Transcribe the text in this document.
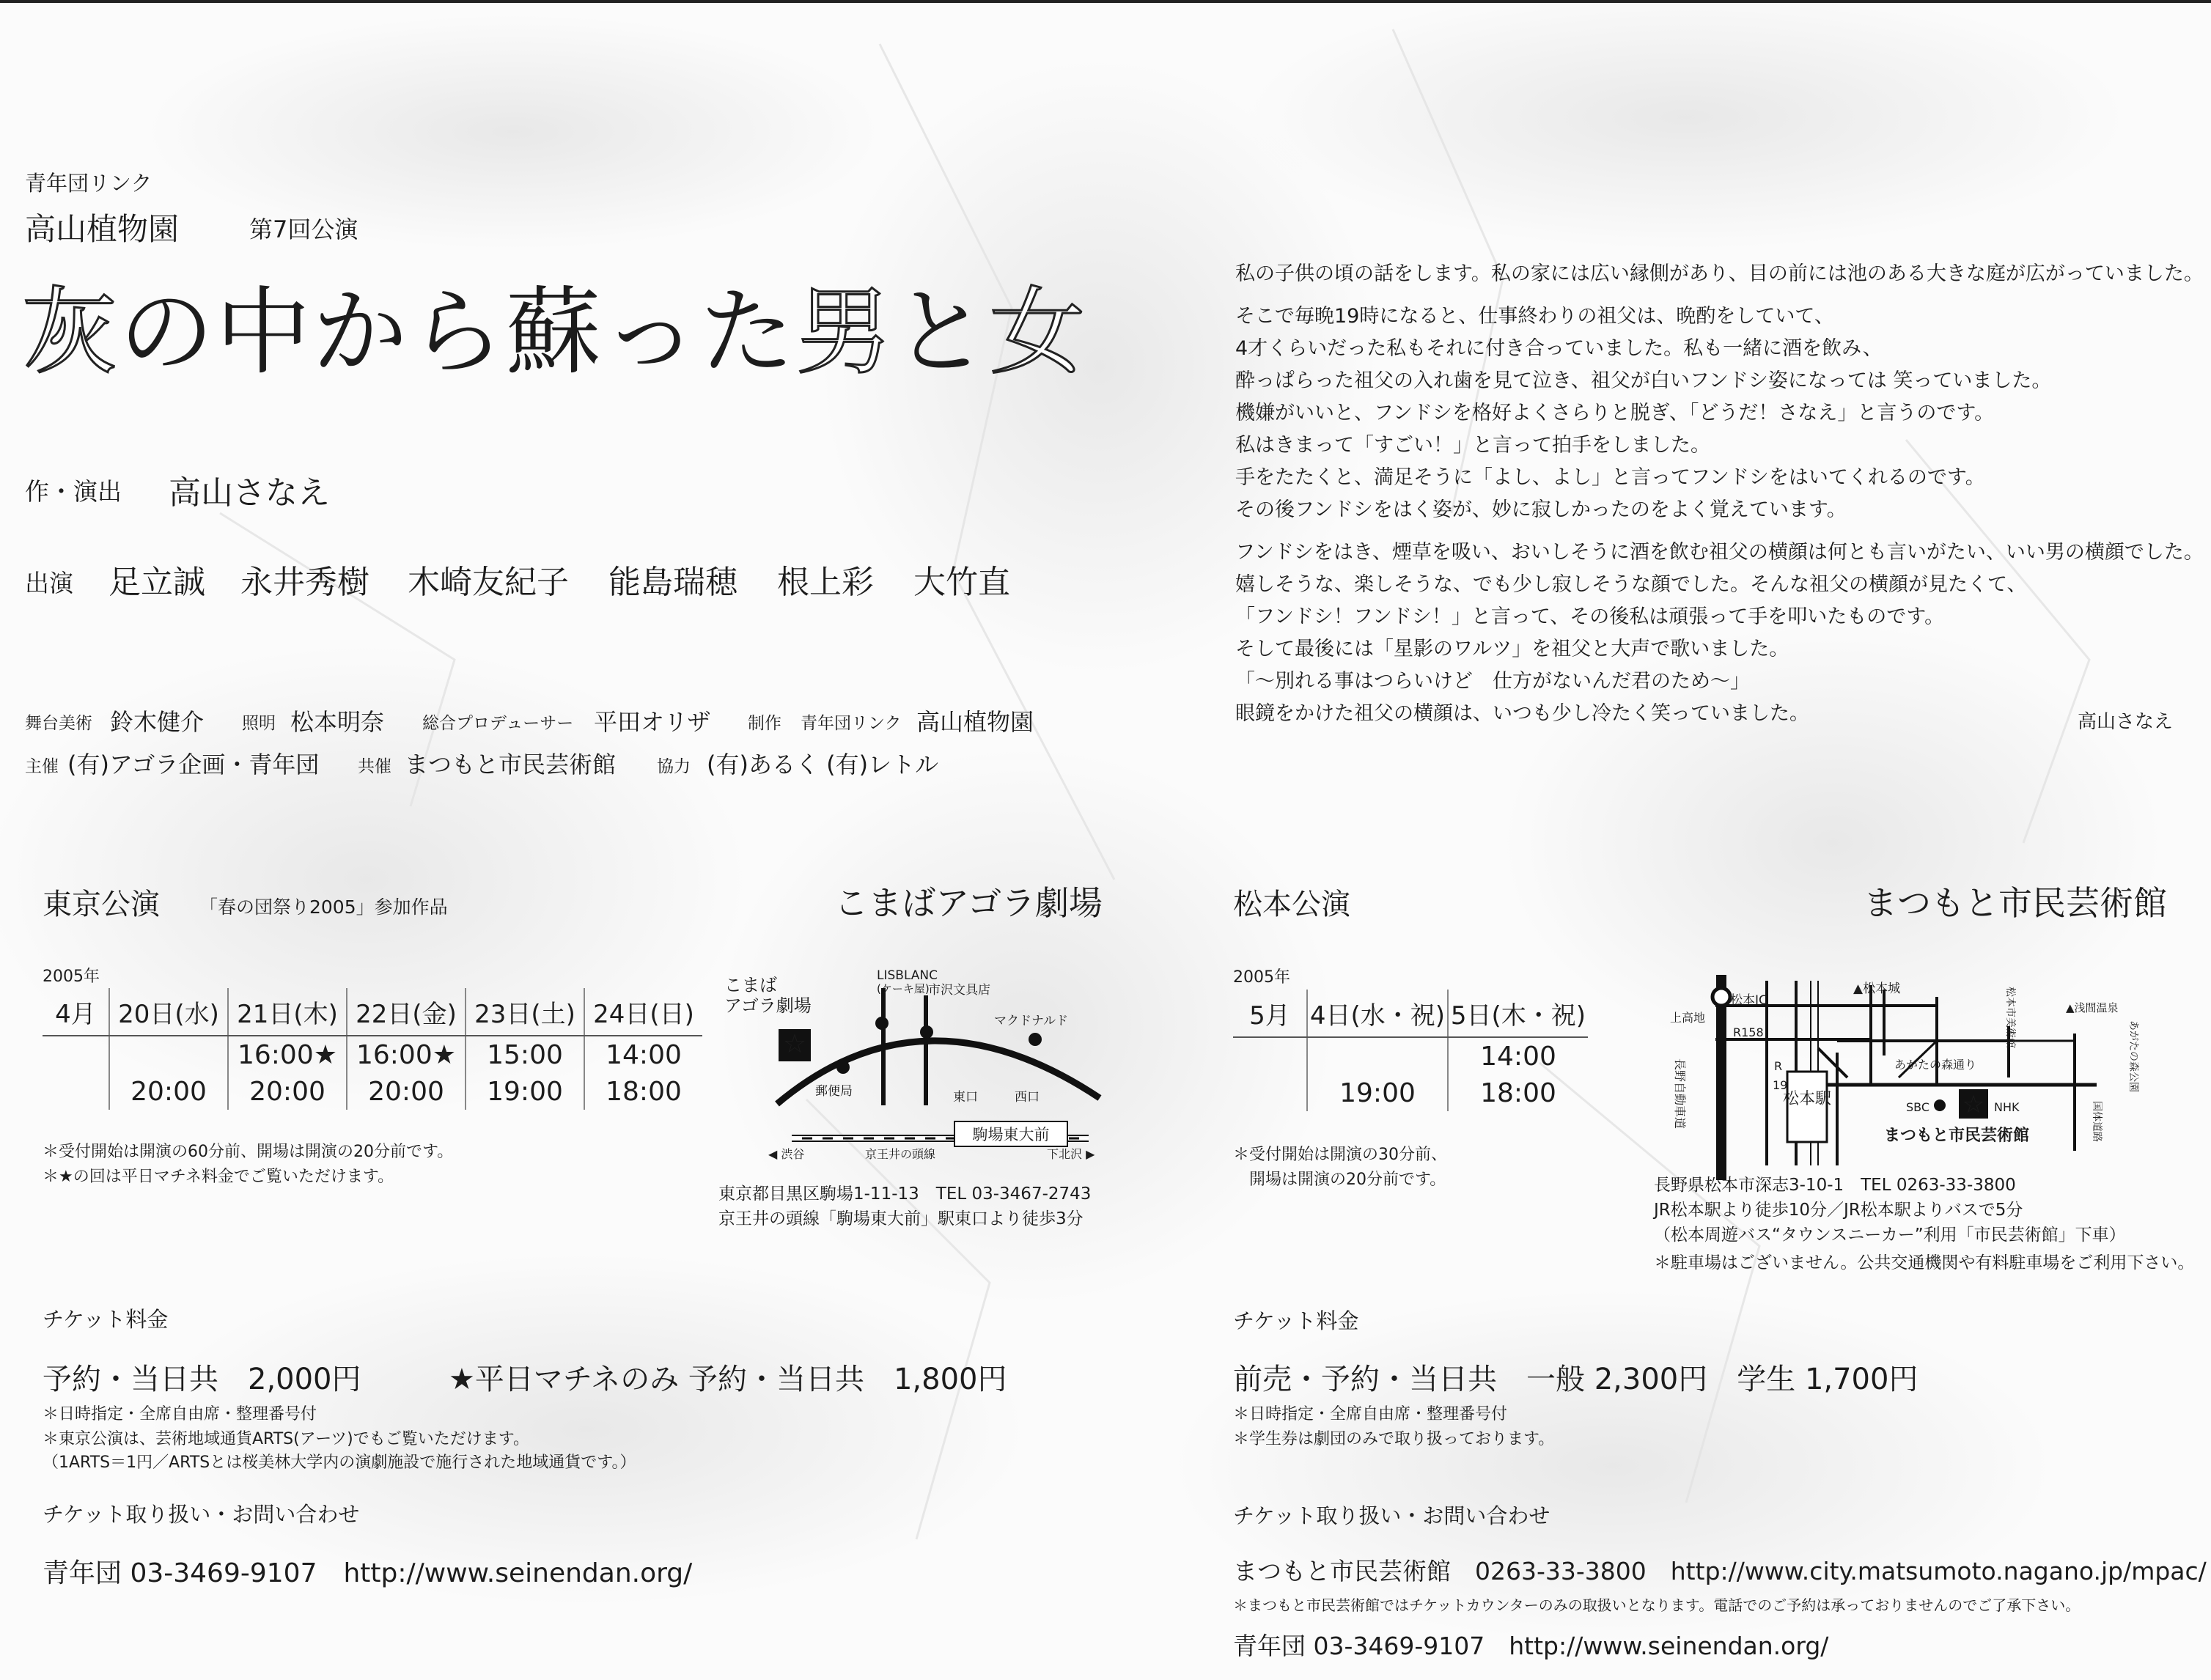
青年団リンク
高山植物園	第7回公演
灰の中から蘇った男と女
作・演出 高山さなえ
出演 足立誠 永井秀樹 木崎友紀子 能島瑞穂 根上彩 大竹直
舞台美術 鈴木健介 照明 松本明奈 総合プロデューサー 平田オリザ 制作 青年団リンク 高山植物園
主催 (有)アゴラ企画・青年団 共催 まつもと市民芸術館 協力 (有)あるく (有)レトル

私の子供の頃の話をします。私の家には広い縁側があり、目の前には池のある大きな庭が広がっていました。

そこで毎晩19時になると、仕事終わりの祖父は、晩酌をしていて、

4才くらいだった私もそれに付き合っていました。私も一緒に酒を飲み、

酔っぱらった祖父の入れ歯を見て泣き、祖父が白いフンドシ姿になっては 笑っていました。

機嫌がいいと、フンドシを格好よくさらりと脱ぎ、「どうだ！さなえ」と言うのです。

私はきまって「すごい！」と言って拍手をしました。

手をたたくと、満足そうに「よし、よし」と言ってフンドシをはいてくれるのです。

その後フンドシをはく姿が、妙に寂しかったのをよく覚えています。

フンドシをはき、煙草を吸い、おいしそうに酒を飲む祖父の横顔は何とも言いがたい、いい男の横顔でした。

嬉しそうな、楽しそうな、でも少し寂しそうな顔でした。そんな祖父の横顔が見たくて、

「フンドシ！フンドシ！」と言って、その後私は頑張って手を叩いたものです。

そして最後には「星影のワルツ」を祖父と大声で歌いました。

「〜別れる事はつらいけど　仕方がないんだ君のため〜」

眼鏡をかけた祖父の横顔は、いつも少し冷たく笑っていました。	高山さなえ
東京公演 「春の団祭り2005」参加作品	こまばアゴラ劇場
2005年
4月	20日(水)	21日(木)	22日(金)	23日(土)	24日(日)
		16:00★	16:00★	15:00	14:00
	20:00	20:00	20:00	19:00	18:00
＊受付開始は開演の60分前、開場は開演の20分前です。
＊★の回は平日マチネ料金でご覧いただけます。
☆
こまば
アゴラ劇場
LISBLANC
(ケーキ屋)
市沢文具店
マクドナルド
郵便局	東口	西口
駒場東大前
京王井の頭線
◀ 渋谷	下北沢 ▶
東京都目黒区駒場1-11-13　TEL 03-3467-2743
京王井の頭線「駒場東大前」駅東口より徒歩3分
チケット料金
予約・当日共　2,000円	★平日マチネのみ 予約・当日共　1,800円
＊日時指定・全席自由席・整理番号付
＊東京公演は、芸術地域通貨ARTS(アーツ)でもご覧いただけます。
（1ARTS＝1円／ARTSとは桜美林大学内の演劇施設で施行された地域通貨です。）
チケット取り扱い・お問い合わせ
青年団 03-3469-9107　http://www.seinendan.org/
松本公演	まつもと市民芸術館
2005年
5月	4日(水・祝)	5日(木・祝)
		14:00
	19:00	18:00
＊受付開始は開演の30分前、
　開場は開演の20分前です。
松本駅	☆
松本IC
▲松本城
▲浅間温泉
上高地
R158
R
19
長野自動車道
松本市美術館
あがたの森公園
あがたの森通り
SBC	NHK	国体道路
まつもと市民芸術館
長野県松本市深志3-10-1　TEL 0263-33-3800
JR松本駅より徒歩10分／JR松本駅よりバスで5分
（松本周遊バス“タウンスニーカー”利用「市民芸術館」下車）
＊駐車場はございません。公共交通機関や有料駐車場をご利用下さい。
チケット料金
前売・予約・当日共　一般 2,300円　学生 1,700円
＊日時指定・全席自由席・整理番号付
＊学生券は劇団のみで取り扱っております。
チケット取り扱い・お問い合わせ
まつもと市民芸術館　0263-33-3800　http://www.city.matsumoto.nagano.jp/mpac/
＊まつもと市民芸術館ではチケットカウンターのみの取扱いとなります。電話でのご予約は承っておりませんのでご了承下さい。
青年団 03-3469-9107　http://www.seinendan.org/
